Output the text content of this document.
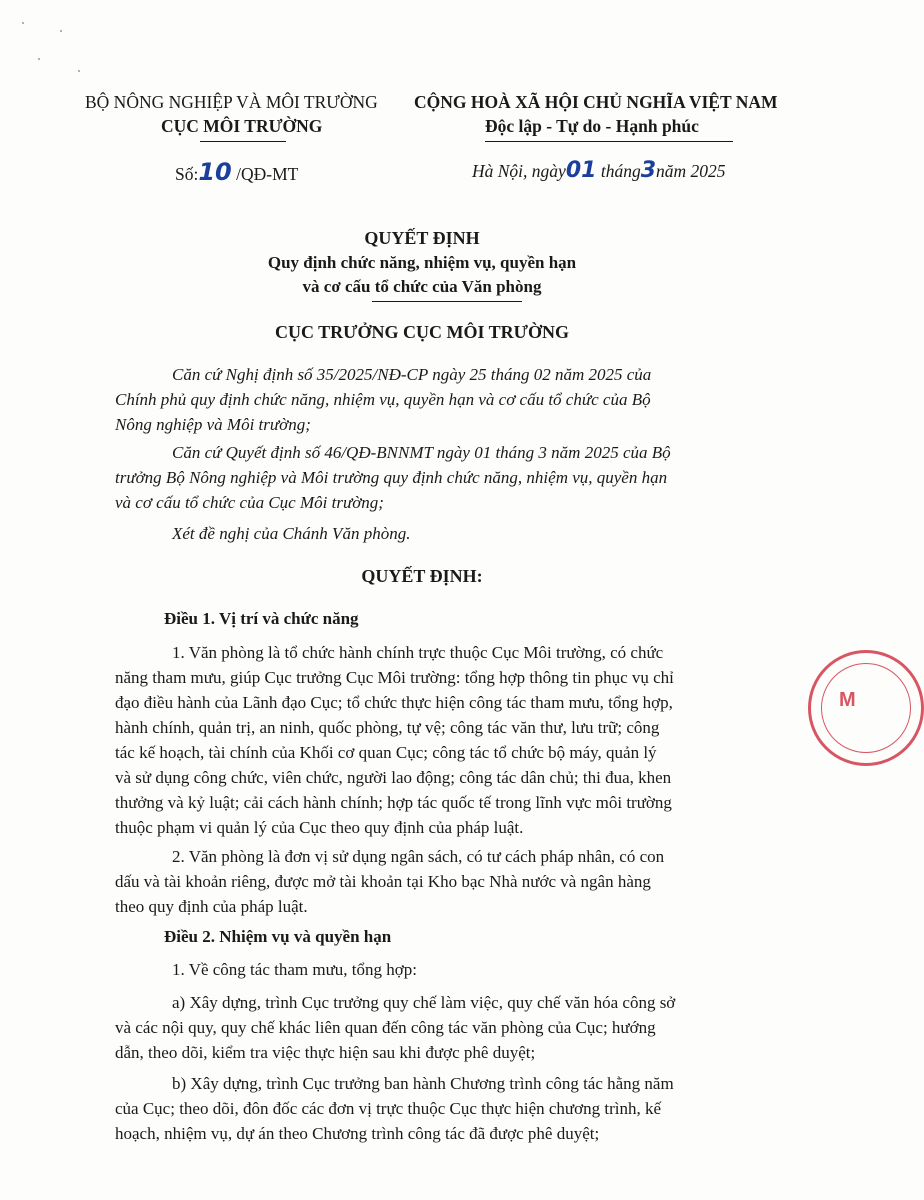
BỘ NÔNG NGHIỆP VÀ MÔI TRƯỜNG
CỤC MÔI TRƯỜNG
CỘNG HOÀ XÃ HỘI CHỦ NGHĨA VIỆT NAM
Độc lập - Tự do - Hạnh phúc
Số:10 /QĐ-MT	Hà Nội, ngày01 tháng3năm 2025
QUYẾT ĐỊNH
Quy định chức năng, nhiệm vụ, quyền hạn
và cơ cấu tổ chức của Văn phòng
CỤC TRƯỞNG CỤC MÔI TRƯỜNG
Căn cứ Nghị định số 35/2025/NĐ-CP ngày 25 tháng 02 năm 2025 của
Chính phủ quy định chức năng, nhiệm vụ, quyền hạn và cơ cấu tổ chức của Bộ
Nông nghiệp và Môi trường;
Căn cứ Quyết định số 46/QĐ-BNNMT ngày 01 tháng 3 năm 2025 của Bộ
trưởng Bộ Nông nghiệp và Môi trường quy định chức năng, nhiệm vụ, quyền hạn
và cơ cấu tổ chức của Cục Môi trường;
Xét đề nghị của Chánh Văn phòng.
QUYẾT ĐỊNH:
Điều 1. Vị trí và chức năng
1. Văn phòng là tổ chức hành chính trực thuộc Cục Môi trường, có chức
năng tham mưu, giúp Cục trưởng Cục Môi trường: tổng hợp thông tin phục vụ chỉ
đạo điều hành của Lãnh đạo Cục; tổ chức thực hiện công tác tham mưu, tổng hợp,
hành chính, quản trị, an ninh, quốc phòng, tự vệ; công tác văn thư, lưu trữ; công
tác kế hoạch, tài chính của Khối cơ quan Cục; công tác tổ chức bộ máy, quản lý
và sử dụng công chức, viên chức, người lao động; công tác dân chủ; thi đua, khen
thưởng và kỷ luật; cải cách hành chính; hợp tác quốc tế trong lĩnh vực môi trường
thuộc phạm vi quản lý của Cục theo quy định của pháp luật.
2. Văn phòng là đơn vị sử dụng ngân sách, có tư cách pháp nhân, có con
dấu và tài khoản riêng, được mở tài khoản tại Kho bạc Nhà nước và ngân hàng
theo quy định của pháp luật.
Điều 2. Nhiệm vụ và quyền hạn
1. Về công tác tham mưu, tổng hợp:
a) Xây dựng, trình Cục trưởng quy chế làm việc, quy chế văn hóa công sở
và các nội quy, quy chế khác liên quan đến công tác văn phòng của Cục; hướng
dẫn, theo dõi, kiểm tra việc thực hiện sau khi được phê duyệt;
b) Xây dựng, trình Cục trưởng ban hành Chương trình công tác hằng năm
của Cục; theo dõi, đôn đốc các đơn vị trực thuộc Cục thực hiện chương trình, kế
hoạch, nhiệm vụ, dự án theo Chương trình công tác đã được phê duyệt;
M
